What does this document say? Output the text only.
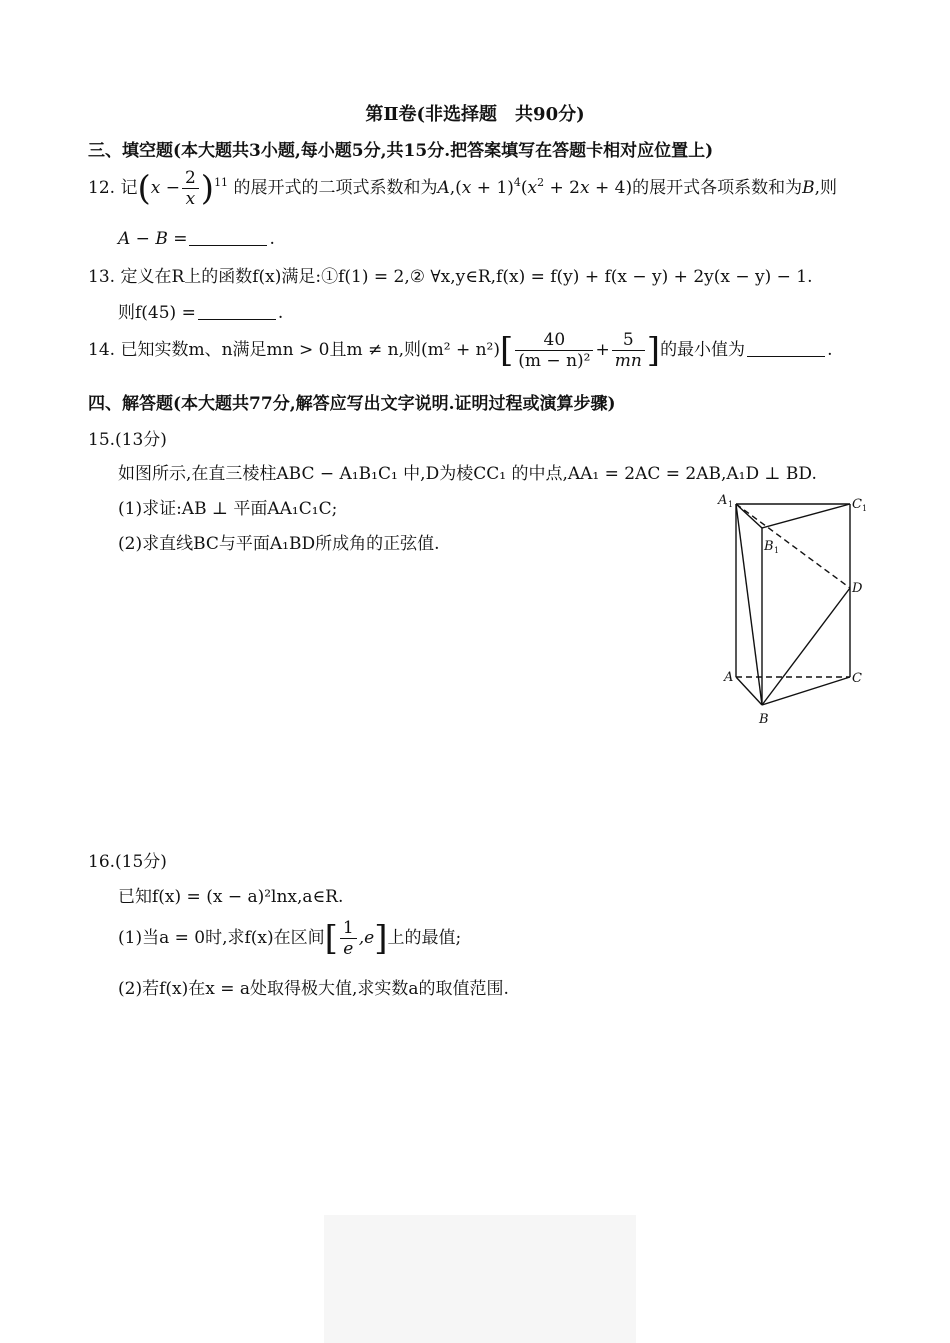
第Ⅱ卷(非选择题　共90分)
三、填空题(本大题共3小题,每小题5分,共15分.把答案填写在答题卡相对应位置上)
12. 记$(x - \frac{2}{x} )^{11}$ 的展开式的二项式系数和为$A,(x + 1)^4(x^2 + 2x + 4)$的展开式各项系数和为B,则
A − B =	.
13. 定义在R上的函数f(x)满足:①f(1) = 2,② ∀x,y∈R,f(x) = f(y) + f(x − y) + 2y(x − y) − 1.
则f(45) =	.
14. 已知实数m、n满足mn > 0且m ≠ n,则$(m^2 + n^2)[ \frac{40}{\text{(m − n)²}} + \frac{5}{mn}$ ]的最小值为	.
四、解答题(本大题共77分,解答应写出文字说明.证明过程或演算步骤)
15.(13分)
如图所示,在直三棱柱ABC − A₁B₁C₁ 中,D为棱CC₁ 的中点,AA₁ = 2AC = 2AB,A₁D ⊥ BD.
(1)求证:AB ⊥ 平面AA₁C₁C;
(2)求直线BC与平面A₁BD所成角的正弦值.
A 1	C 1
B 1
D
A	C
B
16.(15分)
已知f(x) = (x − a)²lnx,a∈R.
(1)当a = 0时,求f(x)在区间[ $\frac{1}{e} ,e$]上的最值;
(2)若f(x)在x = a处取得极大值,求实数a的取值范围.
